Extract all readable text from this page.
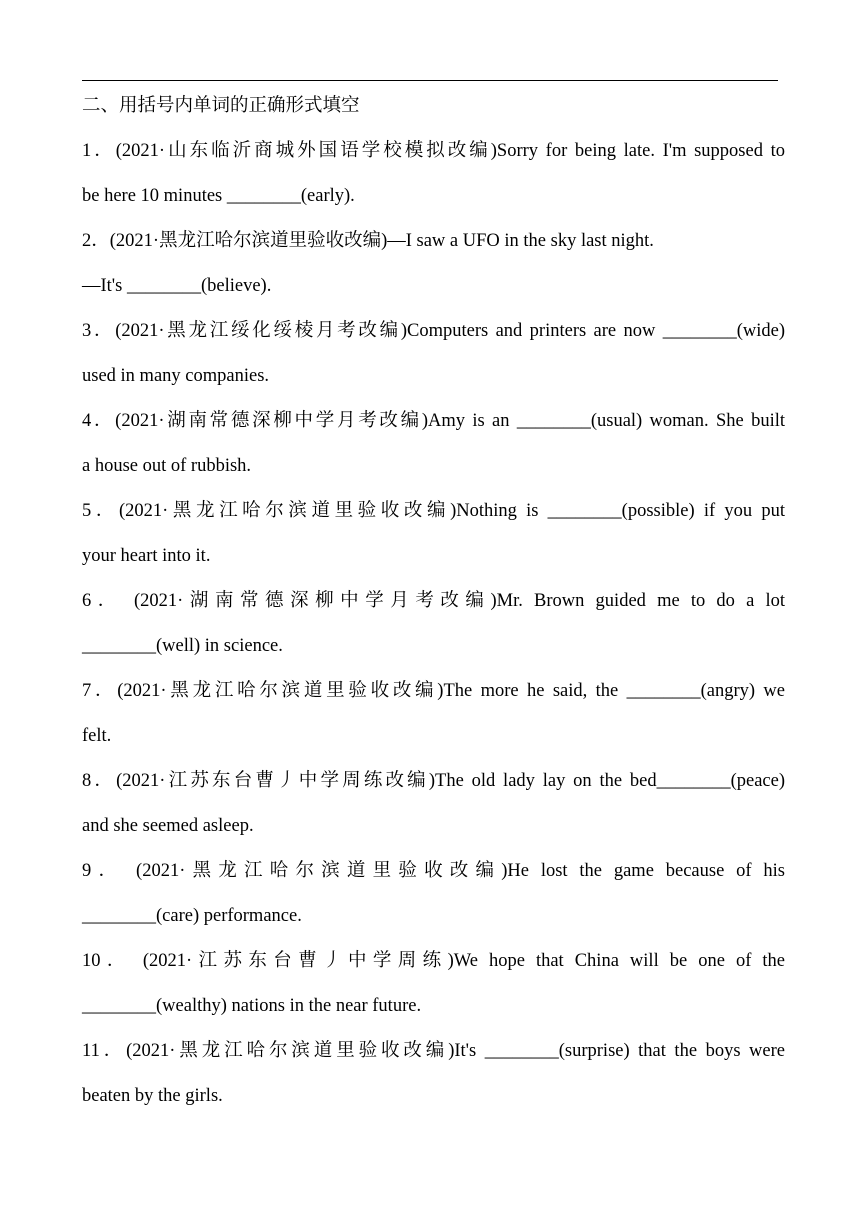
二、用括号内单词的正确形式填空
1．(2021·山东临沂商城外国语学校模拟改编)Sorry for being late. I'm supposed to
be here 10 minutes ________(early).
2．(2021·黑龙江哈尔滨道里验收改编)—I saw a UFO in the sky last night.
—It's ________(believe).
3．(2021·黑龙江绥化绥棱月考改编)Computers and printers are now ________(wide)
used in many companies.
4．(2021·湖南常德深柳中学月考改编)Amy is an ________(usual) woman. She built
a house out of rubbish.
5．(2021·黑龙江哈尔滨道里验收改编)Nothing is ________(possible) if you put
your heart into it.
6． (2021·湖南常德深柳中学月考改编)Mr. Brown guided me to do a lot
________(well) in science.
7．(2021·黑龙江哈尔滨道里验收改编)The more he said, the ________(angry) we
felt.
8．(2021·江苏东台曹丿中学周练改编)The old lady lay on the bed________(peace)
and she seemed asleep.
9． (2021·黑龙江哈尔滨道里验收改编)He lost the game because of his
________(care) performance.
10． (2021·江苏东台曹丿中学周练)We hope that China will be one of the
________(wealthy) nations in the near future.
11．(2021·黑龙江哈尔滨道里验收改编)It's ________(surprise) that the boys were
beaten by the girls.
